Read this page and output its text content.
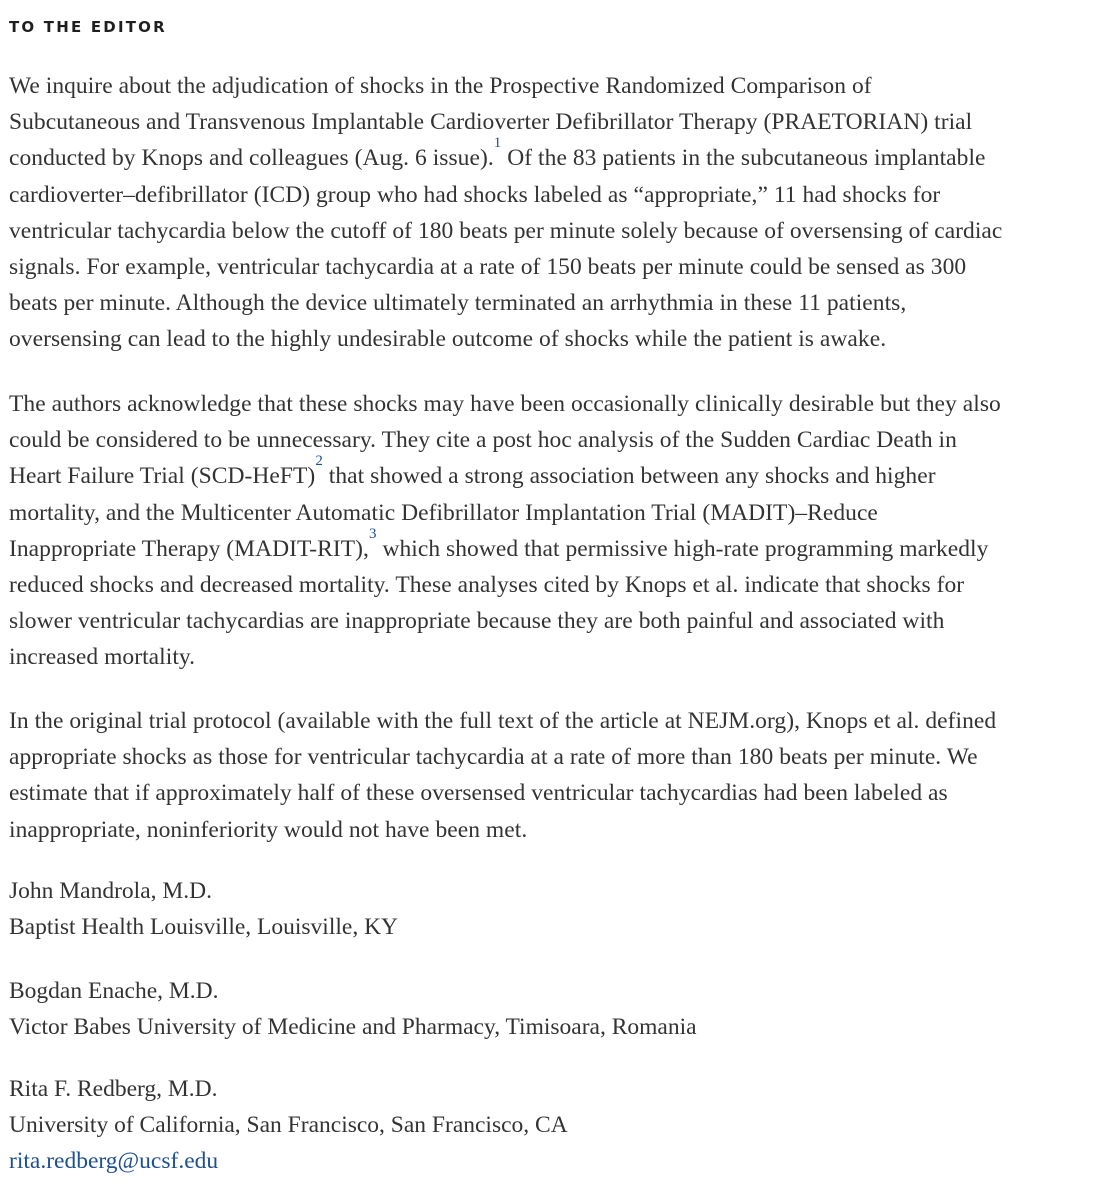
TO THE EDITOR

We inquire about the adjudication of shocks in the Prospective Randomized Comparison of
Subcutaneous and Transvenous Implantable Cardioverter Defibrillator Therapy (PRAETORIAN) trial
conducted by Knops and colleagues (Aug. 6 issue).$^1$ Of the 83 patients in the subcutaneous implantable
cardioverter–defibrillator (ICD) group who had shocks labeled as “appropriate,” 11 had shocks for
ventricular tachycardia below the cutoff of 180 beats per minute solely because of oversensing of cardiac
signals. For example, ventricular tachycardia at a rate of 150 beats per minute could be sensed as 300
beats per minute. Although the device ultimately terminated an arrhythmia in these 11 patients,
oversensing can lead to the highly undesirable outcome of shocks while the patient is awake.

The authors acknowledge that these shocks may have been occasionally clinically desirable but they also
could be considered to be unnecessary. They cite a post hoc analysis of the Sudden Cardiac Death in
Heart Failure Trial (SCD-HeFT)$^2$ that showed a strong association between any shocks and higher
mortality, and the Multicenter Automatic Defibrillator Implantation Trial (MADIT)–Reduce
Inappropriate Therapy (MADIT-RIT),$^3$ which showed that permissive high-rate programming markedly
reduced shocks and decreased mortality. These analyses cited by Knops et al. indicate that shocks for
slower ventricular tachycardias are inappropriate because they are both painful and associated with
increased mortality.

In the original trial protocol (available with the full text of the article at NEJM.org), Knops et al. defined
appropriate shocks as those for ventricular tachycardia at a rate of more than 180 beats per minute. We
estimate that if approximately half of these oversensed ventricular tachycardias had been labeled as
inappropriate, noninferiority would not have been met.

John Mandrola, M.D.
Baptist Health Louisville, Louisville, KY
Bogdan Enache, M.D.
Victor Babes University of Medicine and Pharmacy, Timisoara, Romania
Rita F. Redberg, M.D.
University of California, San Francisco, San Francisco, CA
rita.redberg@ucsf.edu
